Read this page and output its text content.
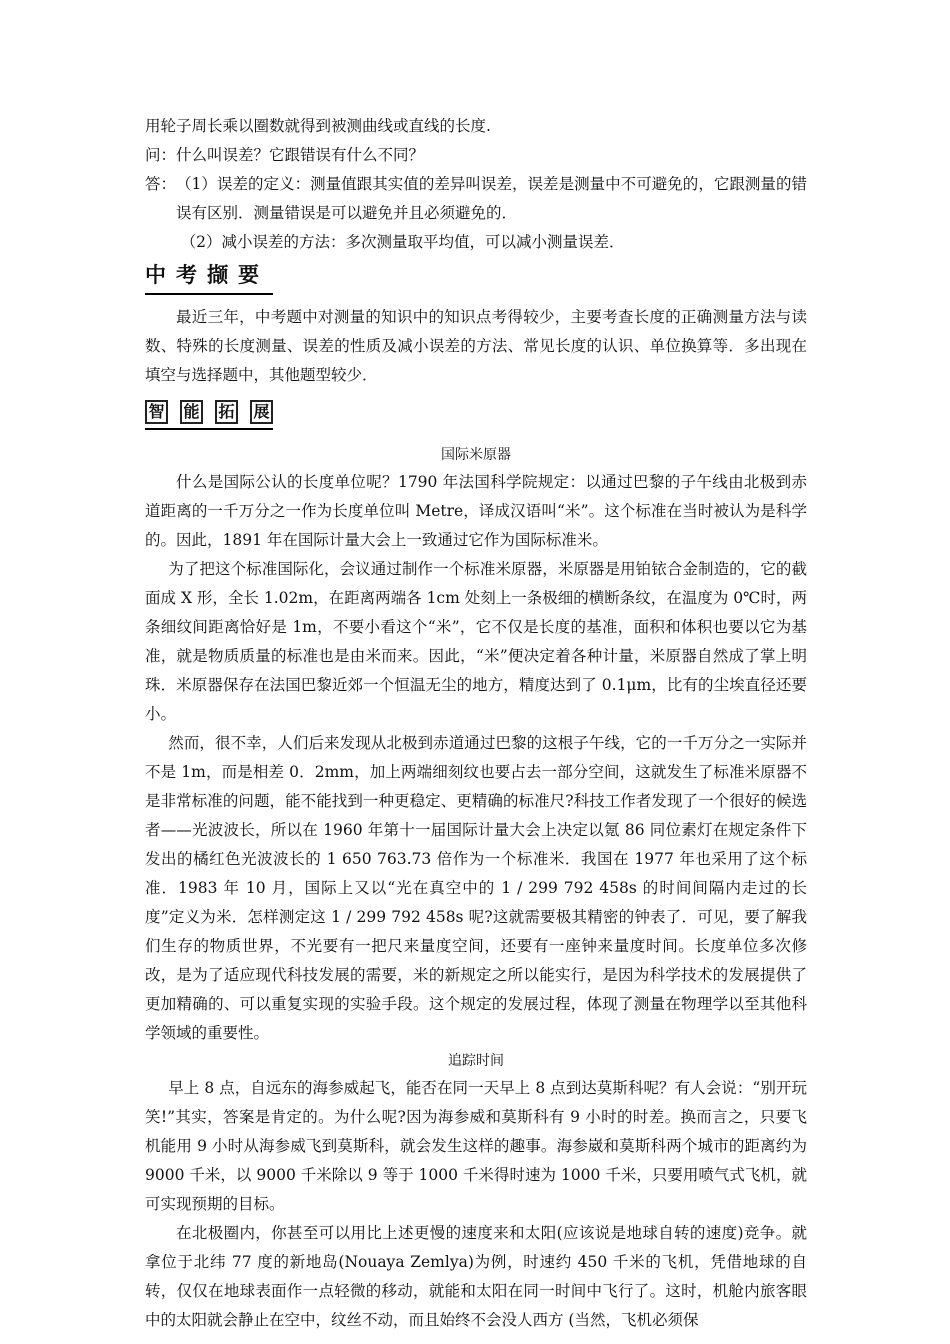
用轮子周长乘以圈数就得到被测曲线或直线的长度.

问：什么叫误差？它跟错误有什么不同？

答： （1）误差的定义：测量值跟其实值的差异叫误差，误差是测量中不可避免的，它跟测量的错误有区别．测量错误是可以避免并且必须避免的．
（2）减小误差的方法：多次测量取平均值，可以减小测量误差．
中考撷要

最近三年，中考题中对测量的知识中的知识点考得较少，主要考查长度的正确测量方法与读数、特殊的长度测量、误差的性质及减小误差的方法、常见长度的认识、单位换算等．多出现在填空与选择题中，其他题型较少．

智 能 拓 展

国际米原器

什么是国际公认的长度单位呢？1790 年法国科学院规定：以通过巴黎的子午线由北极到赤道距离的一千万分之一作为长度单位叫 Metre，译成汉语叫“米”。这个标准在当时被认为是科学的。因此，1891 年在国际计量大会上一致通过它作为国际标准米。

为了把这个标准国际化，会议通过制作一个标准米原器，米原器是用铂铱合金制造的，它的截面成 X 形，全长 1.02m，在距离两端各 1cm 处刻上一条极细的横断条纹，在温度为 0℃时，两条细纹间距离恰好是 1m，不要小看这个“米”，它不仅是长度的基准，面积和体积也要以它为基准，就是物质质量的标准也是由米而来。因此，“米”便决定着各种计量，米原器自然成了掌上明珠．米原器保存在法国巴黎近郊一个恒温无尘的地方，精度达到了 0.1μm，比有的尘埃直径还要小。

然而，很不幸，人们后来发现从北极到赤道通过巴黎的这根子午线，它的一千万分之一实际并不是 1m，而是相差 0．2mm，加上两端细刻纹也要占去一部分空间，这就发生了标准米原器不是非常标准的问题，能不能找到一种更稳定、更精确的标准尺?科技工作者发现了一个很好的候选者——光波波长，所以在 1960 年第十一届国际计量大会上决定以氪 86 同位素灯在规定条件下发出的橘红色光波波长的 1 650 763.73 倍作为一个标准米．我国在 1977 年也采用了这个标准．1983 年 10 月，国际上又以“光在真空中的 1 / 299 792 458s 的时间间隔内走过的长度”定义为米．怎样测定这 1 / 299 792 458s 呢?这就需要极其精密的钟表了．可见，要了解我们生存的物质世界，不光要有一把尺来量度空间，还要有一座钟来量度时间。长度单位多次修改，是为了适应现代科技发展的需要，米的新规定之所以能实行，是因为科学技术的发展提供了更加精确的、可以重复实现的实验手段。这个规定的发展过程，体现了测量在物理学以至其他科学领域的重要性。

追踪时间

早上 8 点，自远东的海参威起飞，能否在同一天早上 8 点到达莫斯科呢？有人会说：“别开玩笑!”其实，答案是肯定的。为什么呢?因为海参威和莫斯科有 9 小时的时差。换而言之，只要飞机能用 9 小时从海参威飞到莫斯科，就会发生这样的趣事。海参崴和莫斯科两个城市的距离约为 9000 千米，以 9000 千米除以 9 等于 1000 千米得时速为 1000 千米，只要用喷气式飞机，就可实现预期的目标。

在北极圈内，你甚至可以用比上述更慢的速度来和太阳(应该说是地球自转的速度)竞争。就拿位于北纬 77 度的新地岛(Nouaya Zemlya)为例，时速约 450 千米的飞机，凭借地球的自转，仅仅在地球表面作一点轻微的移动，就能和太阳在同一时间中飞行了。这时，机舱内旅客眼中的太阳就会静止在空中，纹丝不动，而且始终不会没人西方 (当然，飞机必须保
